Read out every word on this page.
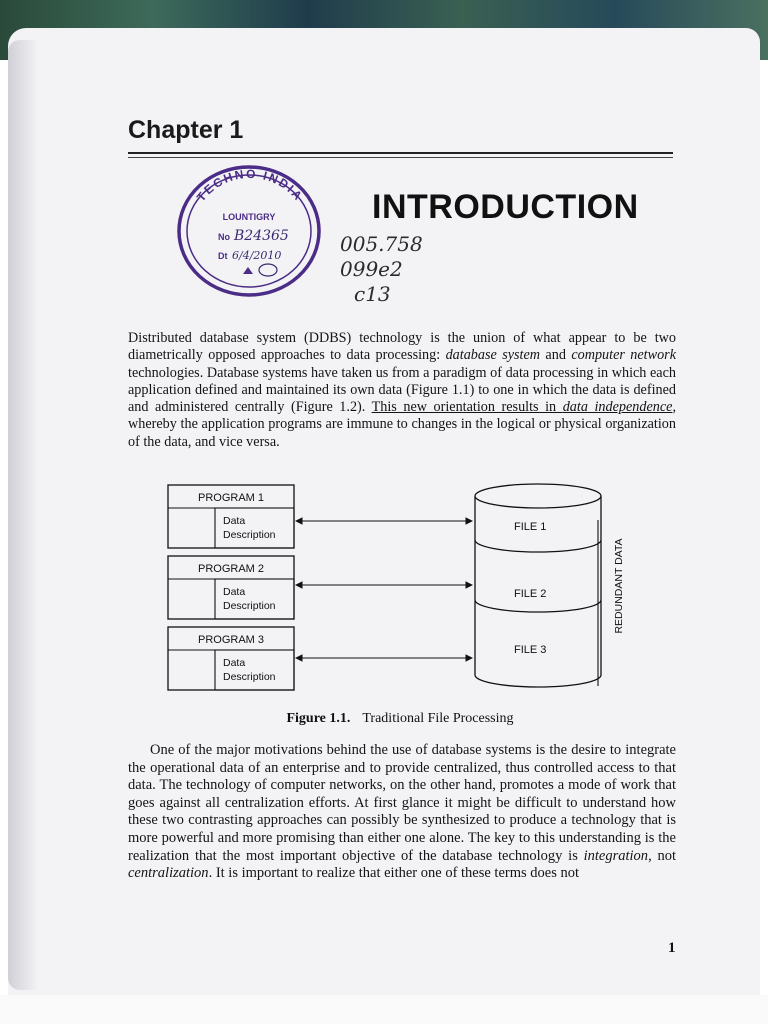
Chapter 1
INTRODUCTION
TECHNO INDIA
LOUNTIGRY
No B24365
Dt 6/4/2010	005.758
099e2
c13
Distributed database system (DDBS) technology is the union of what appear to be two diametrically opposed approaches to data processing: database system and computer network technologies. Database systems have taken us from a paradigm of data processing in which each application defined and maintained its own data (Figure 1.1) to one in which the data is defined and administered centrally (Figure 1.2). This new orientation results in data independence, whereby the application programs are immune to changes in the logical or physical organization of the data, and vice versa.
PROGRAM 1
Data
Description
PROGRAM 2
Data
Description
PROGRAM 3
Data
Description
FILE 1
FILE 2
FILE 3
REDUNDANT DATA
Figure 1.1. Traditional File Processing
One of the major motivations behind the use of database systems is the desire to integrate the operational data of an enterprise and to provide centralized, thus controlled access to that data. The technology of computer networks, on the other hand, promotes a mode of work that goes against all centralization efforts. At first glance it might be difficult to understand how these two contrasting approaches can possibly be synthesized to produce a technology that is more powerful and more promising than either one alone. The key to this understanding is the realization that the most important objective of the database technology is integration, not centralization. It is important to realize that either one of these terms does not
1
